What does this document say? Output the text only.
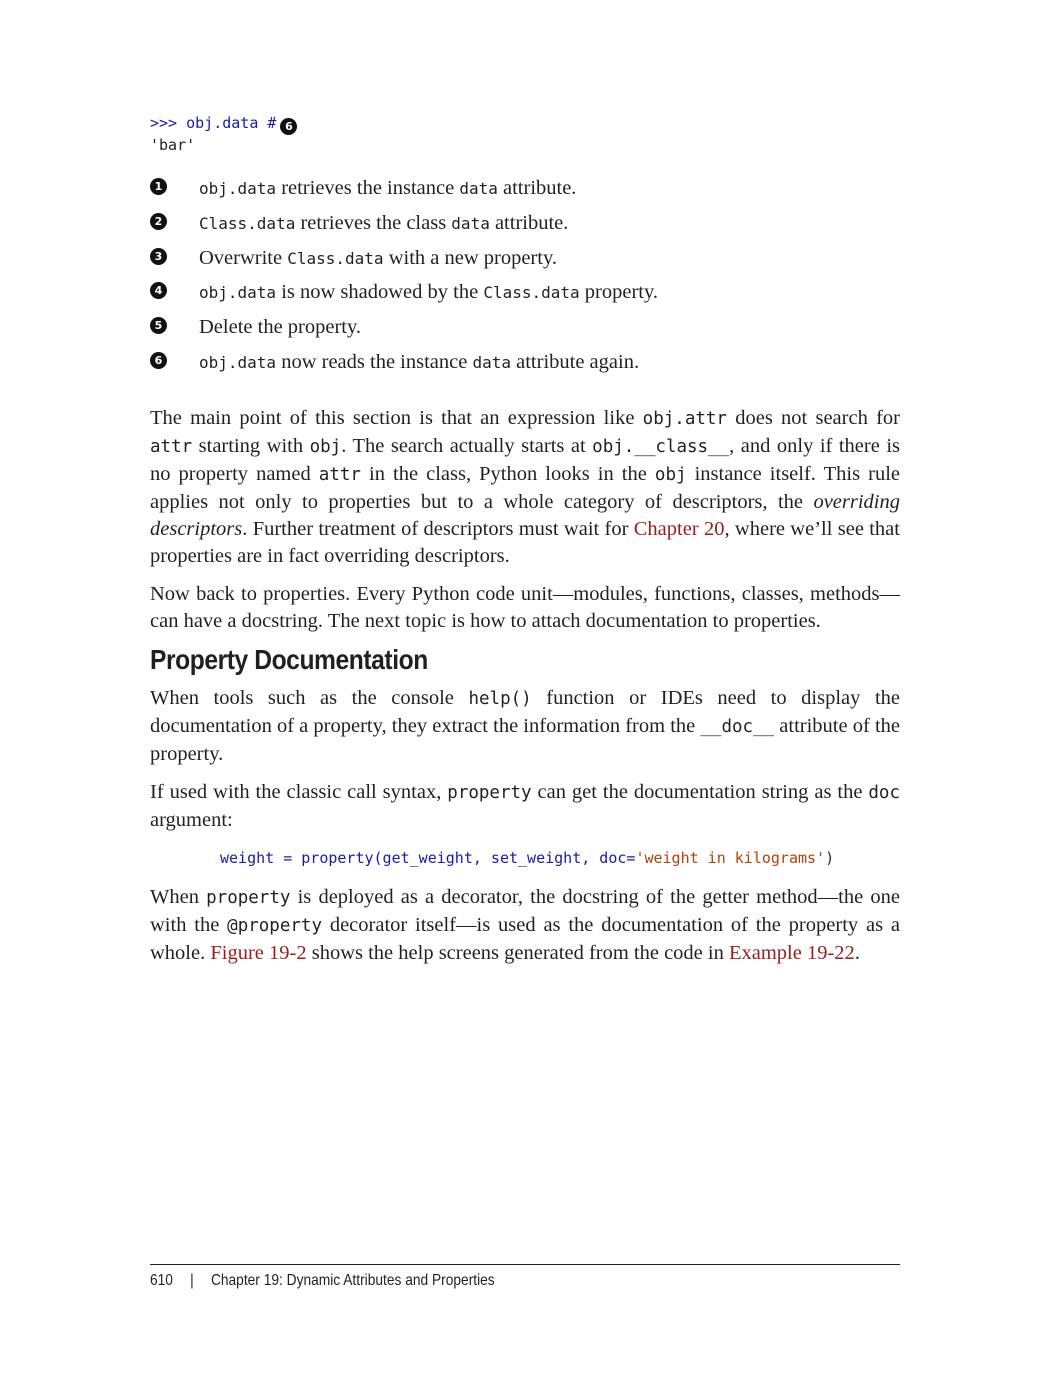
>>> obj.data # 6
'bar'
1 obj.data retrieves the instance data attribute.
2 Class.data retrieves the class data attribute.
3 Overwrite Class.data with a new property.
4 obj.data is now shadowed by the Class.data property.
5 Delete the property.
6 obj.data now reads the instance data attribute again.

The main point of this section is that an expression like obj.attr does not search for attr starting with obj. The search actually starts at obj.__class__, and only if there is no property named attr in the class, Python looks in the obj instance itself. This rule applies not only to properties but to a whole category of descriptors, the overriding descriptors. Further treatment of descriptors must wait for Chapter 20, where we’ll see that properties are in fact overriding descriptors.

Now back to properties. Every Python code unit—modules, functions, classes, methods—can have a docstring. The next topic is how to attach documentation to properties.

Property Documentation

When tools such as the console help() function or IDEs need to display the documentation of a property, they extract the information from the __doc__ attribute of the property.

If used with the classic call syntax, property can get the documentation string as the doc argument:

weight = property(get_weight, set_weight, doc='weight in kilograms')

When property is deployed as a decorator, the docstring of the getter method—the one with the @property decorator itself—is used as the documentation of the property as a whole. Figure 19-2 shows the help screens generated from the code in Example 19-22.

610 | Chapter 19: Dynamic Attributes and Properties
